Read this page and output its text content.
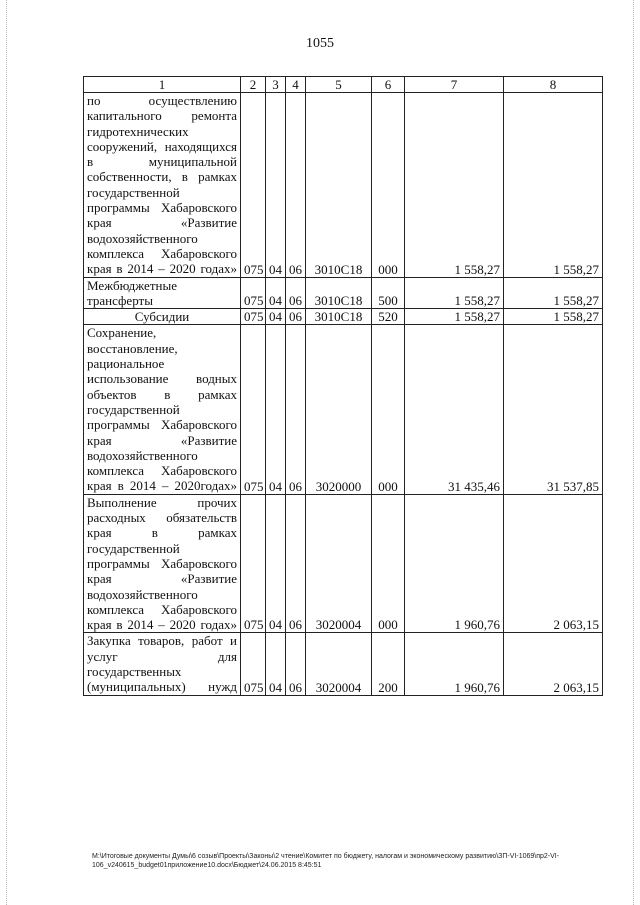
1055
1	2	3	4	5	6	7	8
по осуществлению капитального ремонта гидротехнических сооружений, находящихся в муниципальной собственности, в рамках государственной программы Хабаровского края «Развитие водохозяйственного комплекса Хабаровского края в 2014 – 2020 годах»	075	04	06	3010С18	000	1 558,27	1 558,27
Межбюджетные трансферты	075	04	06	3010С18	500	1 558,27	1 558,27
Субсидии	075	04	06	3010С18	520	1 558,27	1 558,27
Сохранение, восстановление, рациональное использование водных объектов в рамках государственной программы Хабаровского края «Развитие водохозяйственного комплекса Хабаровского края в 2014 – 2020годах»	075	04	06	3020000	000	31 435,46	31 537,85
Выполнение прочих расходных обязательств края в рамках государственной программы Хабаровского края «Развитие водохозяйственного комплекса Хабаровского края в 2014 – 2020 годах»	075	04	06	3020004	000	1 960,76	2 063,15
Закупка товаров, работ и услуг для государственных (муниципальных) нужд	075	04	06	3020004	200	1 960,76	2 063,15
М:\Итоговые документы Думы\6 созыв\Проекты\Законы\2 чтение\Комитет по бюджету, налогам и экономическому развитию\ЗП-VI-1069\пр2-VI-106_v240615_budget01приложение10.docx\Бюджет\24.06.2015 8:45:51
